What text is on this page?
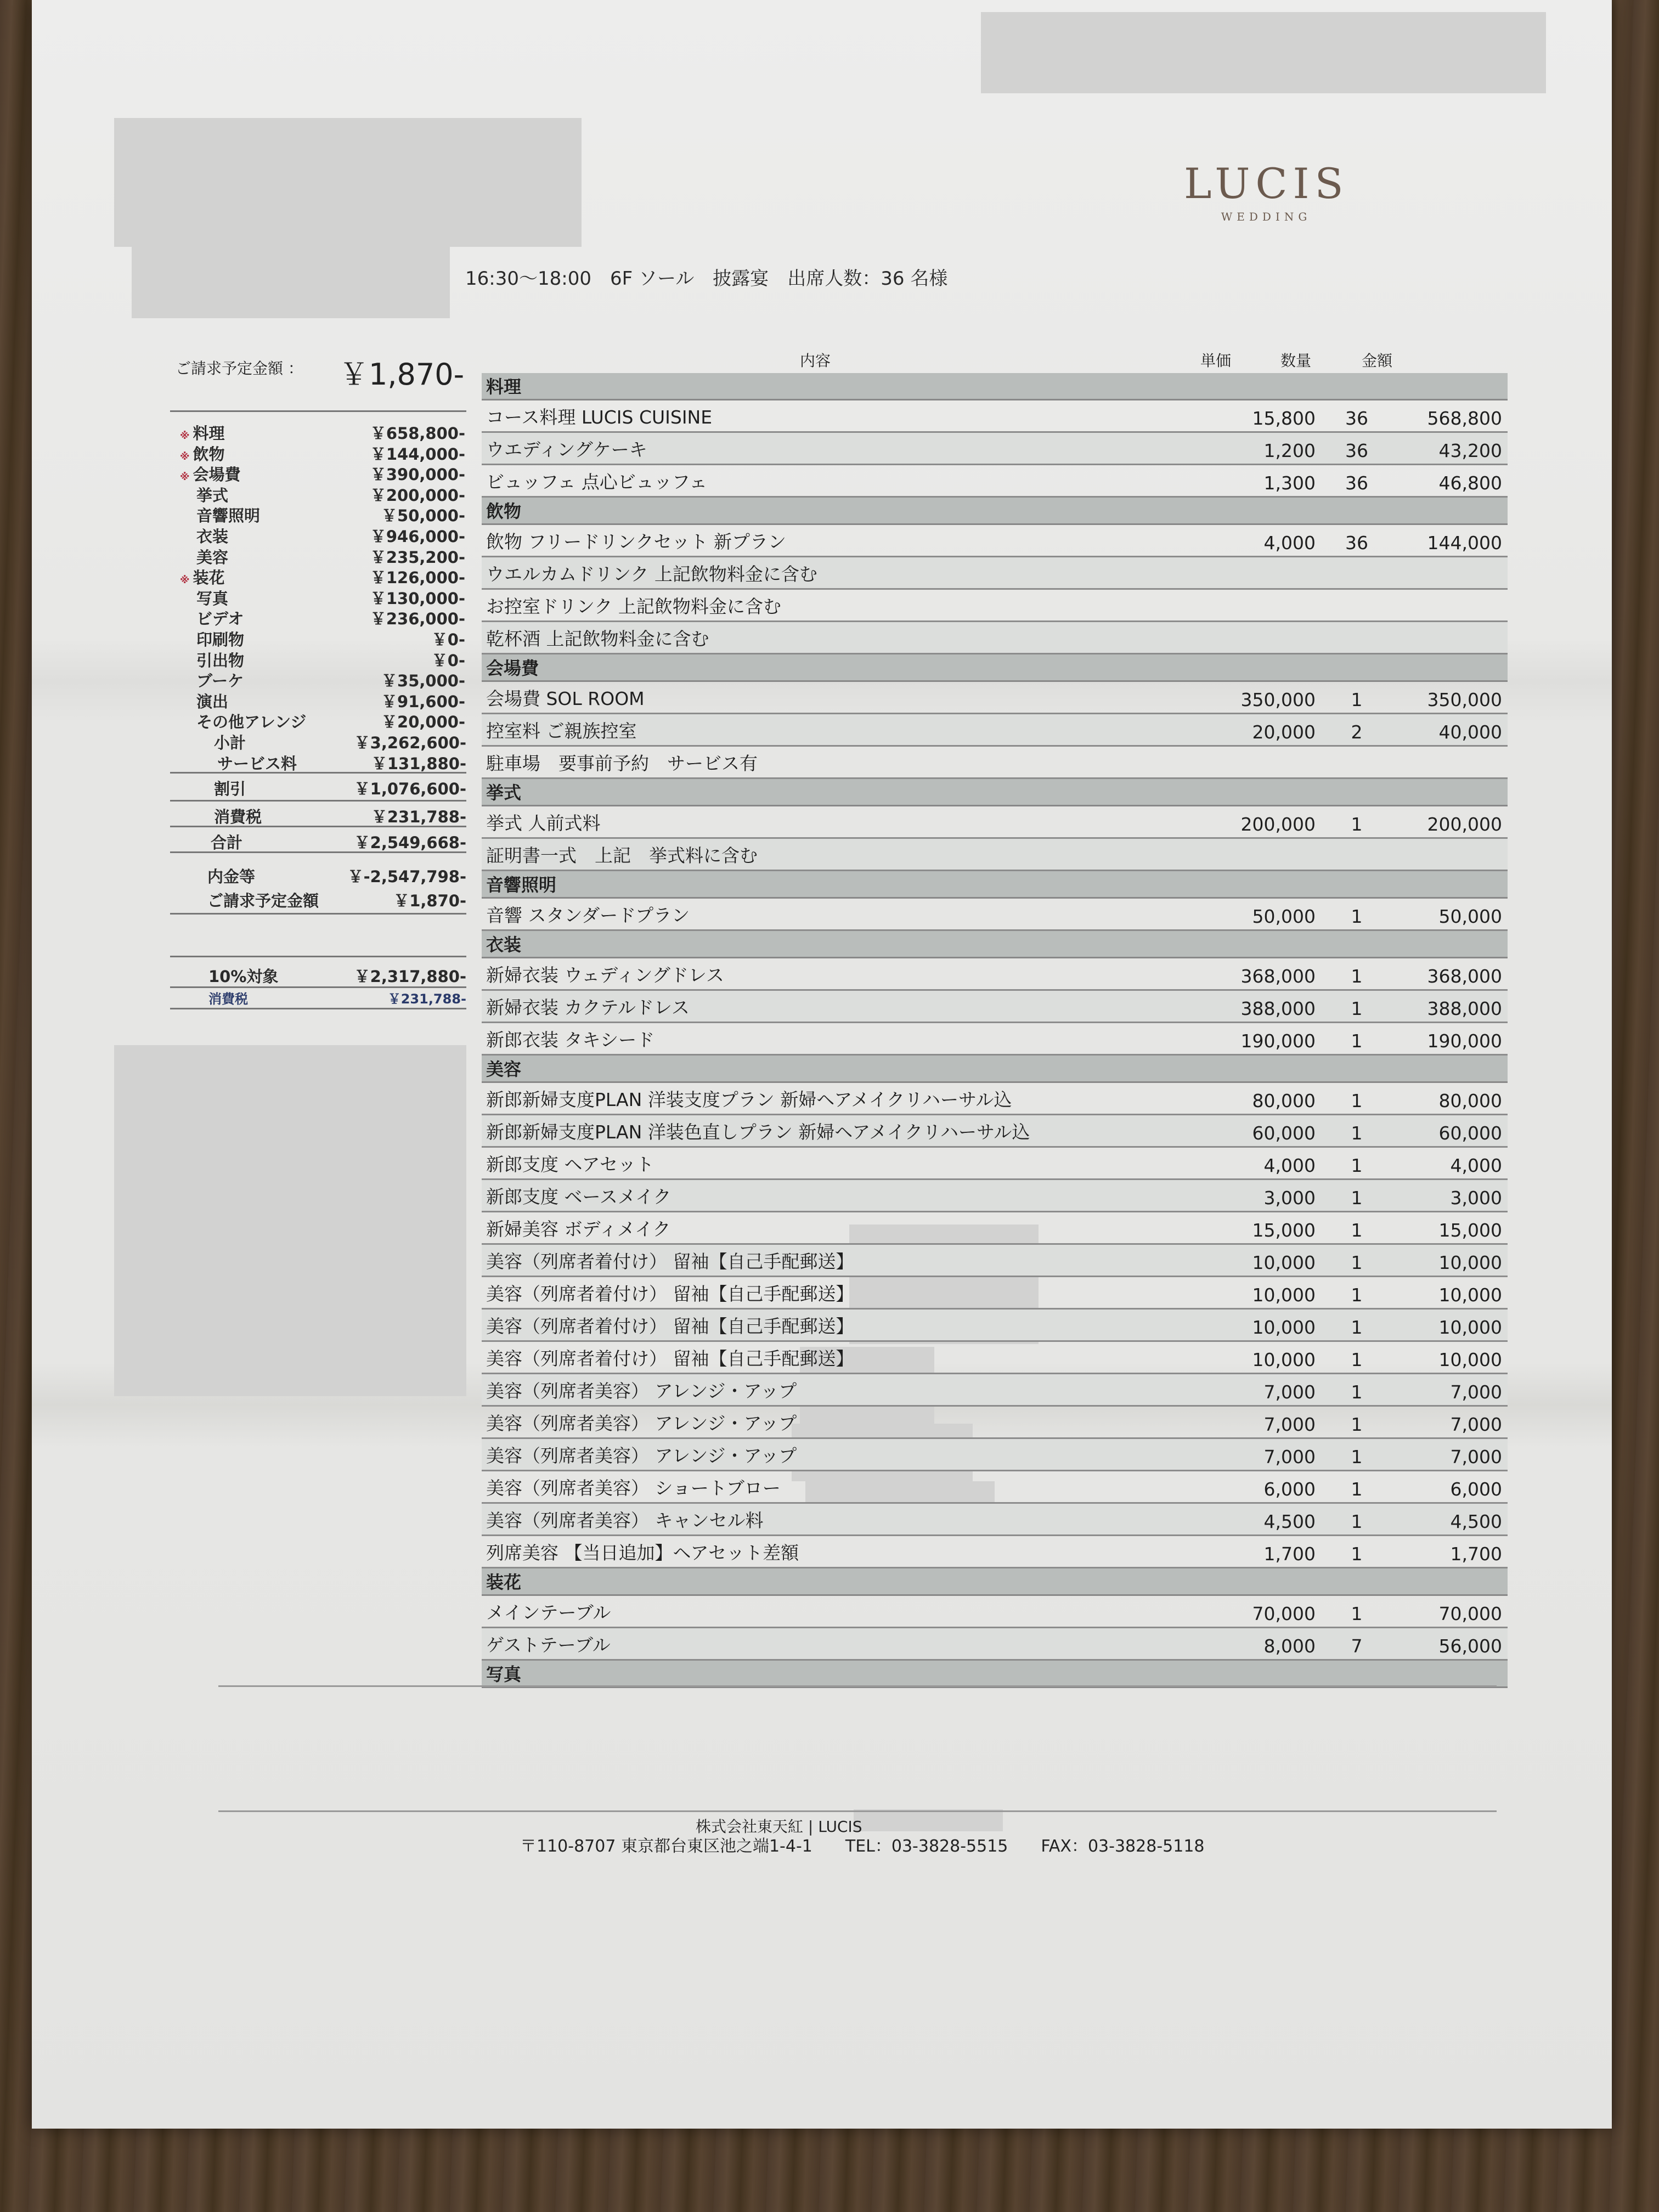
LUCIS
WEDDING
16:30〜18:00　6F ソール　披露宴　出席人数：36 名様
ご請求予定金額 ： ￥1,870-
※ 料理	￥658,800-
※ 飲物	￥144,000-
※ 会場費	￥390,000-
挙式	￥200,000-
音響照明	￥50,000-
衣装	￥946,000-
美容	￥235,200-
※ 装花	￥126,000-
写真	￥130,000-
ビデオ	￥236,000-
印刷物	￥0-
引出物	￥0-
ブーケ	￥35,000-
演出	￥91,600-
その他アレンジ	￥20,000-
小計	￥3,262,600-
サービス料	￥131,880-
割引	￥1,076,600-
消費税	￥231,788-
合計	￥2,549,668-
内金等	￥-2,547,798-
ご請求予定金額	￥1,870-
10%対象	￥2,317,880-
消費税	￥231,788-
内容	単価	数量	金額
料理
コース料理 LUCIS CUISINE	15,800 36	568,800
ウエディングケーキ	1,200 36	43,200
ビュッフェ 点心ビュッフェ	1,300 36	46,800
飲物
飲物 フリードリンクセット 新プラン	4,000 36	144,000
ウエルカムドリンク 上記飲物料金に含む
お控室ドリンク 上記飲物料金に含む
乾杯酒 上記飲物料金に含む
会場費
会場費 SOL ROOM	350,000	1	350,000
控室料 ご親族控室	20,000	2	40,000
駐車場　要事前予約　サービス有
挙式
挙式 人前式料	200,000	1	200,000
証明書一式　上記　挙式料に含む
音響照明
音響 スタンダードプラン	50,000	1	50,000
衣装
新婦衣装 ウェディングドレス	368,000	1	368,000
新婦衣装 カクテルドレス	388,000	1	388,000
新郎衣装 タキシード	190,000	1	190,000
美容
新郎新婦支度PLAN 洋装支度プラン 新婦ヘアメイクリハーサル込	80,000	1	80,000
新郎新婦支度PLAN 洋装色直しプラン 新婦ヘアメイクリハーサル込	60,000	1	60,000
新郎支度 ヘアセット	4,000	1	4,000
新郎支度 ベースメイク	3,000	1	3,000
新婦美容 ボディメイク	15,000	1	15,000
美容（列席者着付け） 留袖【自己手配郵送】	10,000	1	10,000
美容（列席者着付け） 留袖【自己手配郵送】	10,000	1	10,000
美容（列席者着付け） 留袖【自己手配郵送】	10,000	1	10,000
美容（列席者着付け） 留袖【自己手配郵送】	10,000	1	10,000
美容（列席者美容） アレンジ・アップ	7,000	1	7,000
美容（列席者美容） アレンジ・アップ	7,000	1	7,000
美容（列席者美容） アレンジ・アップ	7,000	1	7,000
美容（列席者美容） ショートブロー	6,000	1	6,000
美容（列席者美容） キャンセル料	4,500	1	4,500
列席美容 【当日追加】ヘアセット差額	1,700	1	1,700
装花
メインテーブル	70,000	1	70,000
ゲストテーブル	8,000	7	56,000
写真
株式会社東天紅 | LUCIS
〒110-8707 東京都台東区池之端1-4-1　　TEL：03-3828-5515　　FAX：03-3828-5118
